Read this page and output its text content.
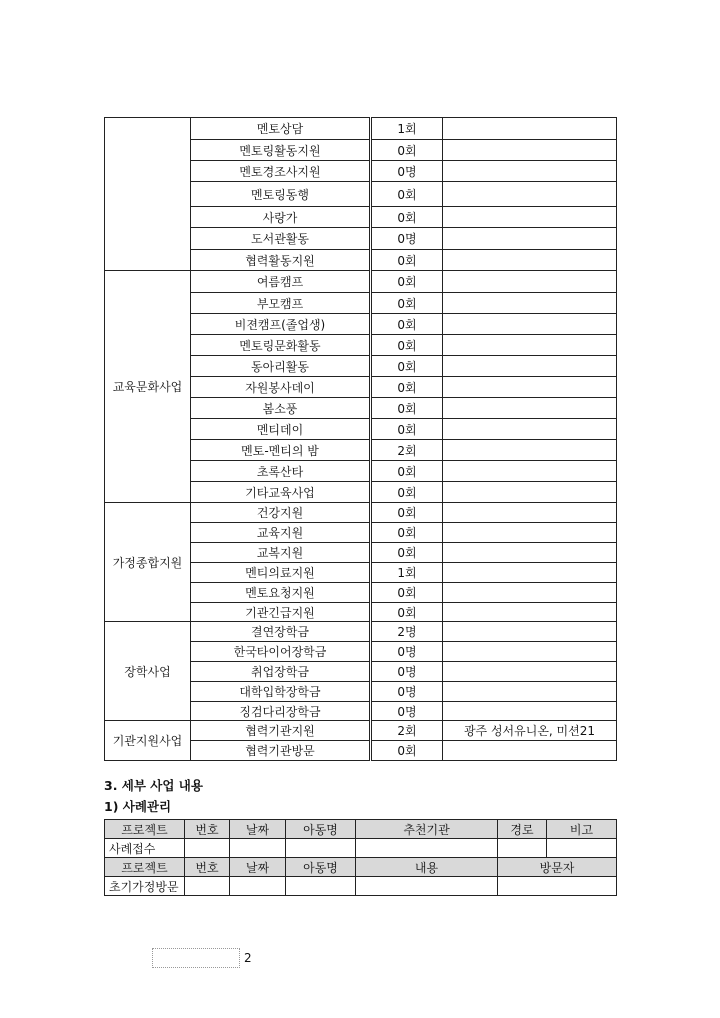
	멘토상담	1회	
	멘토링활동지원	0회	
	멘토경조사지원	0명	
	멘토링동행	0회	
	사랑가	0회	
	도서관활동	0명	
	협력활동지원	0회	
교육문화사업	여름캠프	0회	
	부모캠프	0회	
	비젼캠프(졸업생)	0회	
	멘토링문화활동	0회	
	동아리활동	0회	
	자원봉사데이	0회	
	봄소풍	0회	
	멘티데이	0회	
	멘토-멘티의 밤	2회	
	초록산타	0회	
	기타교육사업	0회	
가정종합지원	건강지원	0회	
	교육지원	0회	
	교복지원	0회	
	멘티의료지원	1회	
	멘토요청지원	0회	
	기관긴급지원	0회	
장학사업	결연장학금	2명	
	한국타이어장학금	0명	
	취업장학금	0명	
	대학입학장학금	0명	
	징검다리장학금	0명	
기관지원사업	협력기관지원	2회	광주 성서유니온, 미션21
	협력기관방문	0회	

3. 세부 사업 내용

1) 사례관리

프로젝트	번호	날짜	아동명	추천기관	경로	비고
사례접수						
프로젝트	번호	날짜	아동명	내용	방문자	
초기가정방문						
2
